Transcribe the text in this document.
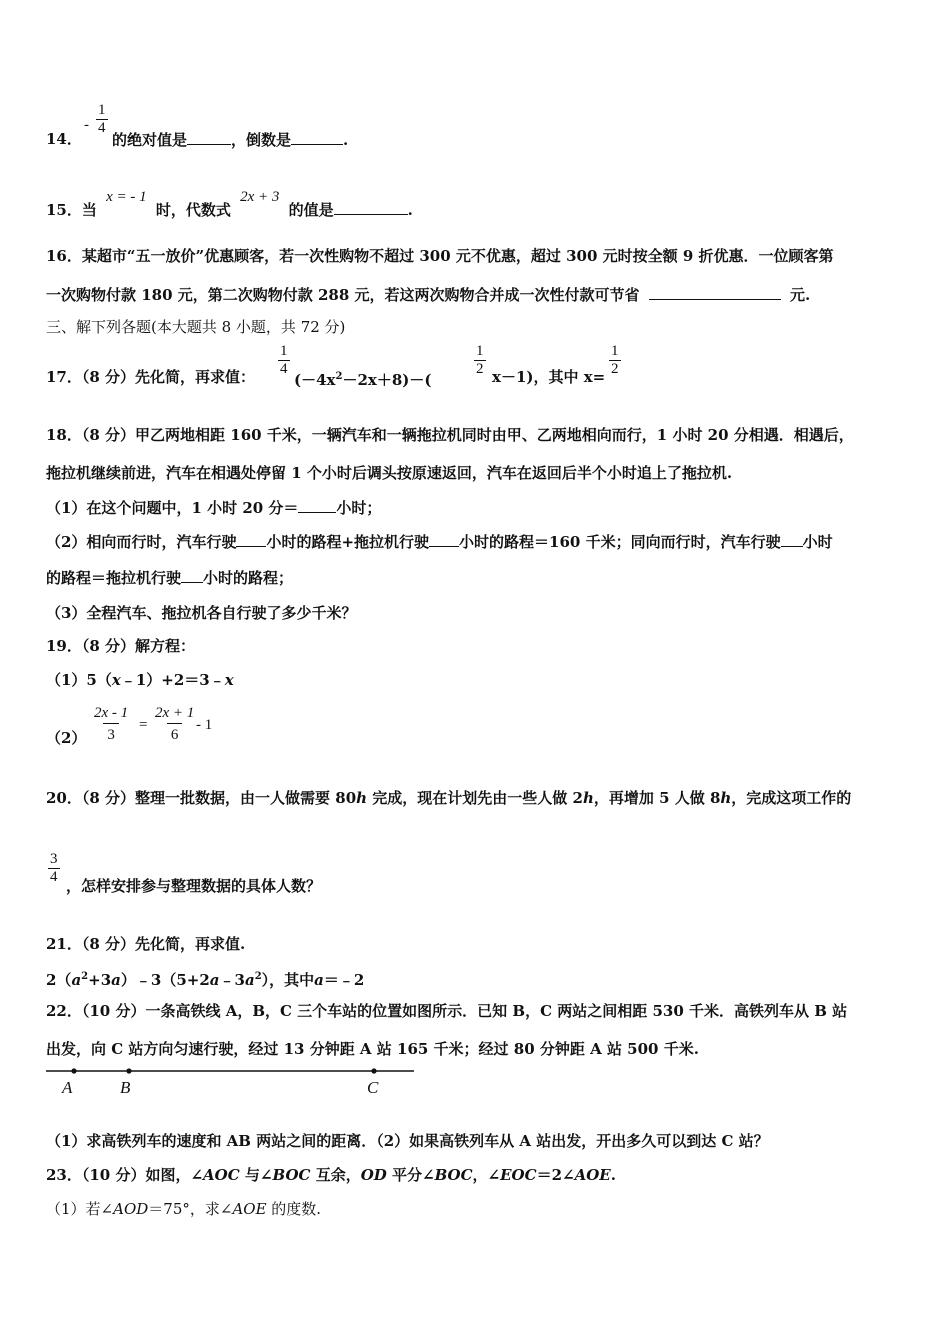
14．
- $\frac{1}{4}$
的绝对值是	，倒数是	.
15．当 x = - 1 时，代数式 2x + 3 的值是	.
16．某超市“五一放价”优惠顾客，若一次性购物不超过 300 元不优惠，超过 300 元时按全额 9 折优惠．一位顾客第
一次购物付款 180 元，第二次购物付款 288 元，若这两次购物合并成一次性付款可节省	元.
三、解下列各题(本大题共 8 小题，共 72 分)
17．（8 分）先化简，再求值： $\frac{1}{4}$
$(-4x^2-2x+8)-$(
$\frac{1}{2} x-1$)，其中 $x= \frac{1}{2}$
18．（8 分）甲乙两地相距 160 千米，一辆汽车和一辆拖拉机同时由甲、乙两地相向而行，1 小时 20 分相遇．相遇后，
拖拉机继续前进，汽车在相遇处停留 1 个小时后调头按原速返回，汽车在返回后半个小时追上了拖拉机.
（1）在这个问题中，1 小时 20 分＝	小时；
（2）相向而行时，汽车行驶 小时的路程+拖拉机行驶 小时的路程＝160 千米；同向而行时，汽车行驶 小时
的路程＝拖拉机行驶 小时的路程；
（3）全程汽车、拖拉机各自行驶了多少千米？
19．（8 分）解方程：
（1）5（x﹣1）+2＝3﹣x
$(2) \frac{2x - 1}{3} = \frac{2x + 1}{6}$
- 1
20．（8 分）整理一批数据，由一人做需要 80h 完成，现在计划先由一些人做 2h，再增加 5 人做 8h，完成这项工作的
$\frac{3}{4}$
，怎样安排参与整理数据的具体人数？
21．（8 分）先化简，再求值.
$2(a^2+3a)﹣3(5+2a﹣3a^2)$，其中a＝﹣2
22．（10 分）一条高铁线 A，B，C 三个车站的位置如图所示．已知 B，C 两站之间相距 530 千米．高铁列车从 B 站
出发，向 C 站方向匀速行驶，经过 13 分钟距 A 站 165 千米；经过 80 分钟距 A 站 500 千米.
A	B	C
（1）求高铁列车的速度和 AB 两站之间的距离．（2）如果高铁列车从 A 站出发，开出多久可以到达 C 站？
23．（10 分）如图，∠AOC 与∠BOC 互余，OD 平分∠BOC，∠EOC＝2∠AOE.
（1）若∠AOD＝75°，求∠AOE 的度数.
